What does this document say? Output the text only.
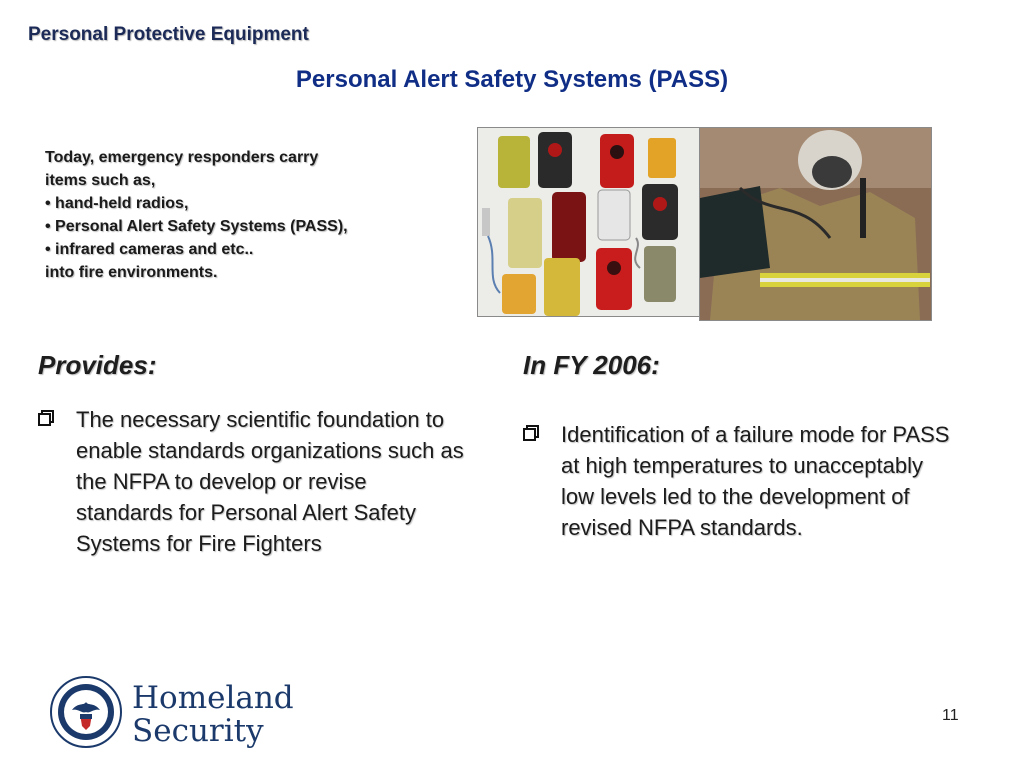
Personal Protective Equipment
Personal Alert Safety Systems (PASS)
Today, emergency responders carry
items such as,
• hand-held radios,
• Personal Alert Safety Systems (PASS),
• infrared cameras and etc..
into fire environments.
Provides:
The necessary scientific foundation to enable standards organizations such as the NFPA to develop or revise standards for Personal Alert Safety Systems for Fire Fighters
In FY 2006:
Identification of a failure mode for PASS at high temperatures to unacceptably low levels led to the development of revised NFPA standards.
Homeland
Security	11
